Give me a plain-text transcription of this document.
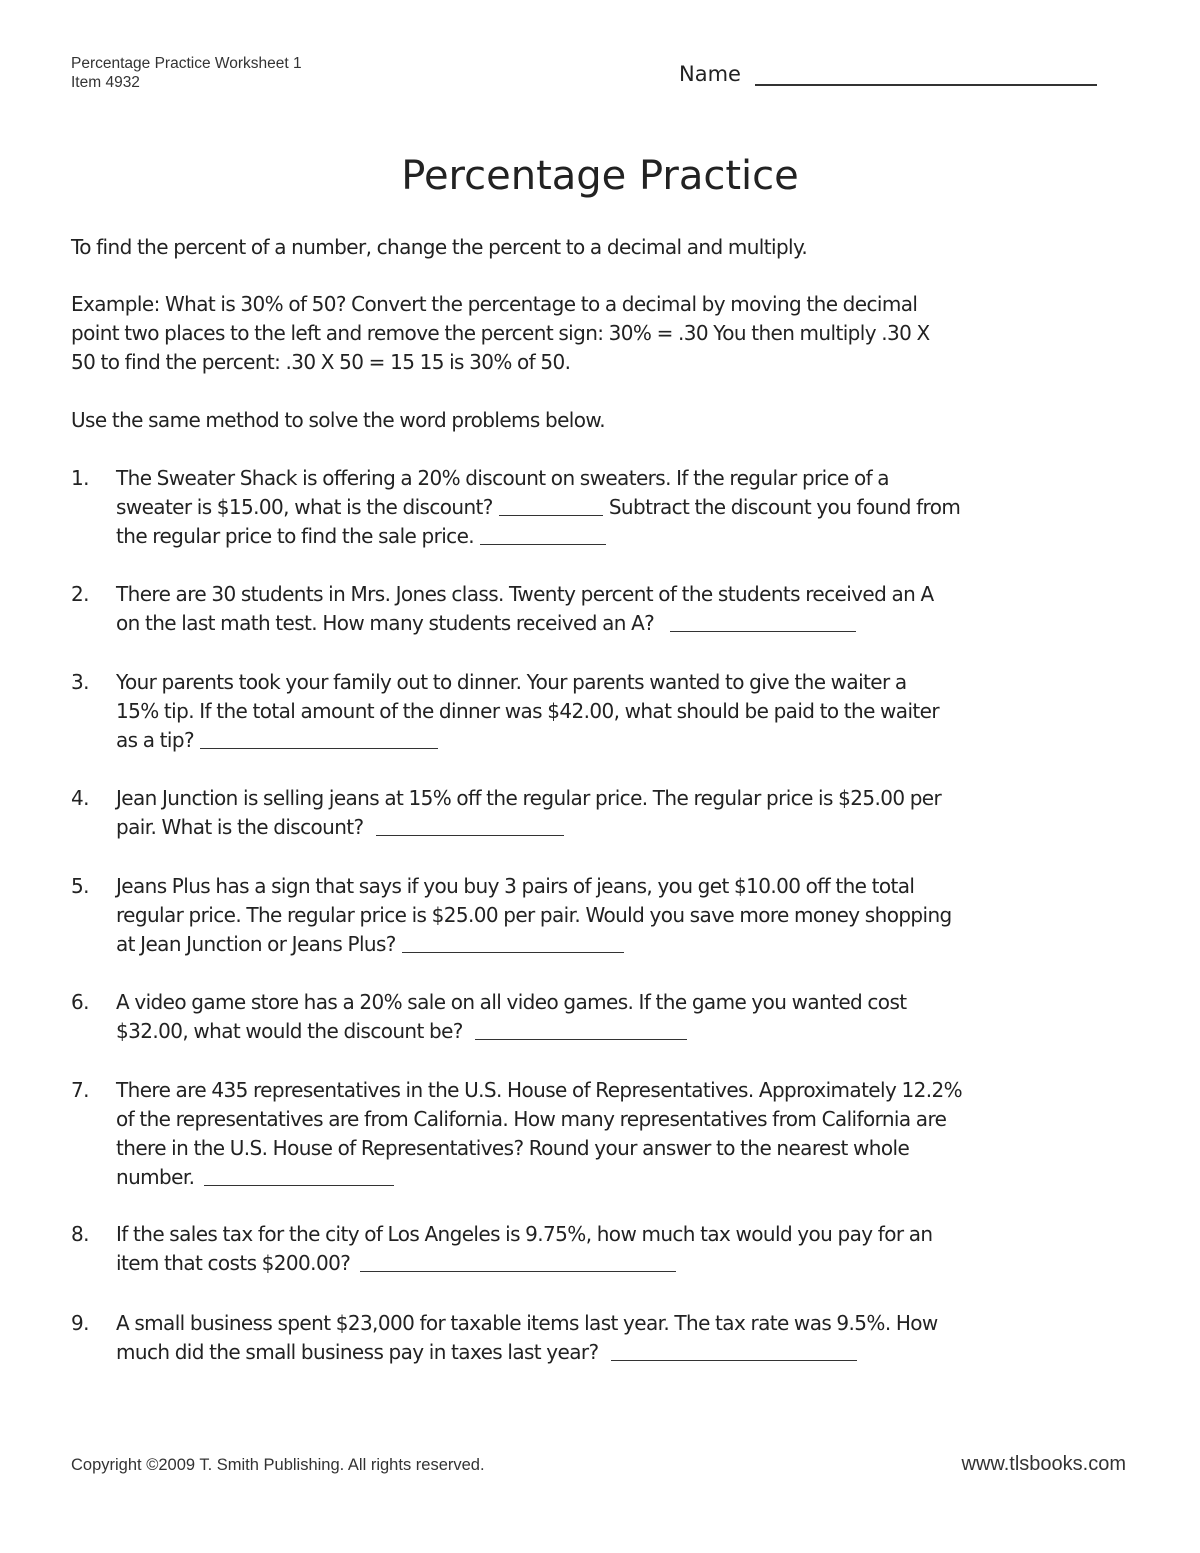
Percentage Practice Worksheet 1
Item 4932	Name
Percentage Practice
To find the percent of a number, change the percent to a decimal and multiply.
Example: What is 30% of 50? Convert the percentage to a decimal by moving the decimal
point two places to the left and remove the percent sign: 30% = .30 You then multiply .30 X
50 to find the percent: .30 X 50 = 15 15 is 30% of 50.
Use the same method to solve the word problems below.
1.	The Sweater Shack is offering a 20% discount on sweaters. If the regular price of a
sweater is $15.00, what is the discount?	Subtract the discount you found from
the regular price to find the sale price.
2.	There are 30 students in Mrs. Jones class. Twenty percent of the students received an A
on the last math test. How many students received an A?
3.	Your parents took your family out to dinner. Your parents wanted to give the waiter a
15% tip. If the total amount of the dinner was $42.00, what should be paid to the waiter
as a tip?
4.	Jean Junction is selling jeans at 15% off the regular price. The regular price is $25.00 per
pair. What is the discount?
5.	Jeans Plus has a sign that says if you buy 3 pairs of jeans, you get $10.00 off the total
regular price. The regular price is $25.00 per pair. Would you save more money shopping
at Jean Junction or Jeans Plus?
6.	A video game store has a 20% sale on all video games. If the game you wanted cost
$32.00, what would the discount be?
7.	There are 435 representatives in the U.S. House of Representatives. Approximately 12.2%
of the representatives are from California. How many representatives from California are
there in the U.S. House of Representatives? Round your answer to the nearest whole
number.
8.	If the sales tax for the city of Los Angeles is 9.75%, how much tax would you pay for an
item that costs $200.00?
9.	A small business spent $23,000 for taxable items last year. The tax rate was 9.5%. How
much did the small business pay in taxes last year?
Copyright ©2009 T. Smith Publishing. All rights reserved.	www.tlsbooks.com
